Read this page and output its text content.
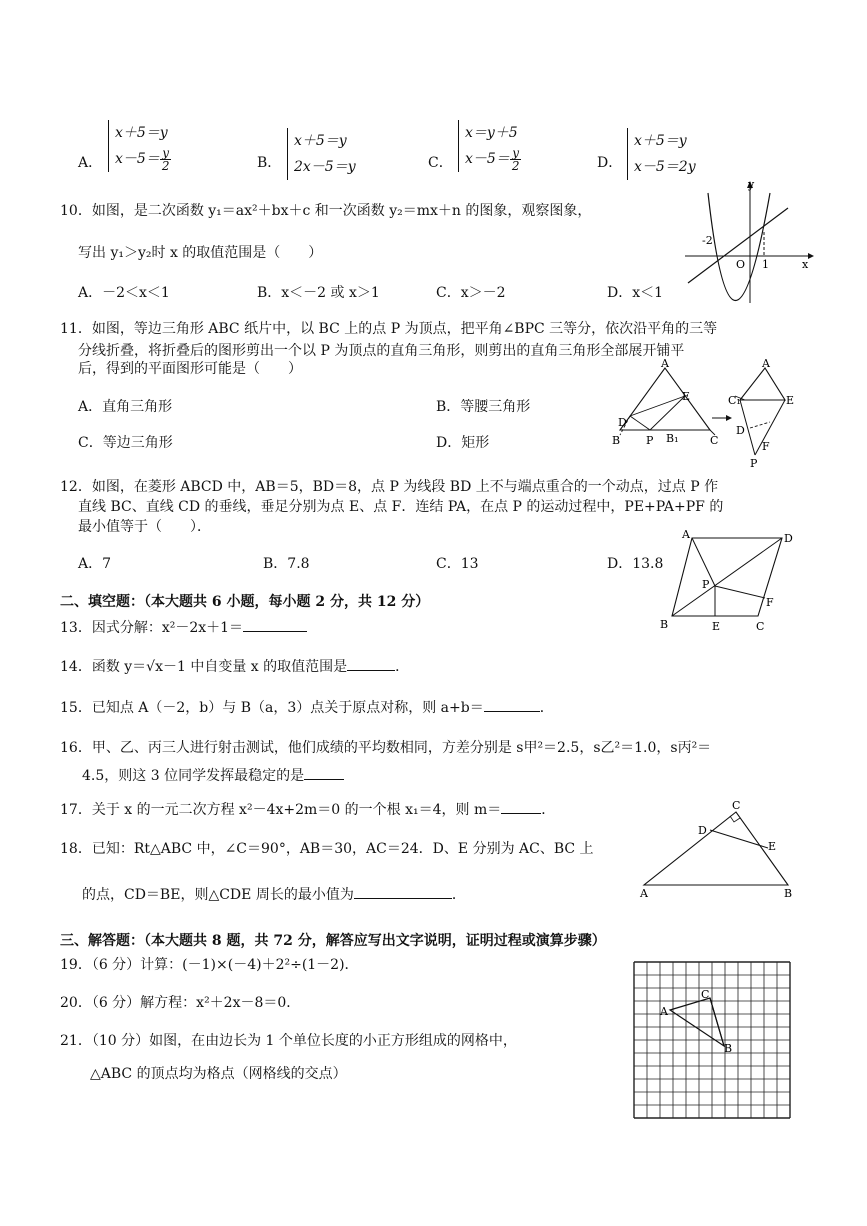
A．
x＋5＝y
$x-5= \frac{y}{2}$	B．
x＋5＝y
2x－5＝y	C．
x＝y＋5
$x-5= \frac{y}{2}$	D．
x＋5＝y
x－5＝2y
10．如图，是二次函数 y₁＝ax²＋bx＋c 和一次函数 y₂＝mx＋n 的图象，观察图象，
写出 y₁＞y₂时 x 的取值范围是（　　）
A．－2＜x＜1	B．x＜－2 或 x＞1	C．x＞－2	D．x＜1
y
x
-2
O 1
11．如图，等边三角形 ABC 纸片中，以 BC 上的点 P 为顶点，把平角∠BPC 三等分，依次沿平角的三等
分线折叠，将折叠后的图形剪出一个以 P 为顶点的直角三角形，则剪出的直角三角形全部展开铺平
后，得到的平面图形可能是（　　）
A．直角三角形	B．等腰三角形
C．等边三角形	D．矩形
A
E
D
B₁
B P	C
A
C₁	E
D
F
P
12．如图，在菱形 ABCD 中，AB＝5，BD＝8，点 P 为线段 BD 上不与端点重合的一个动点，过点 P 作
直线 BC、直线 CD 的垂线，垂足分别为点 E、点 F．连结 PA，在点 P 的运动过程中，PE+PA+PF 的
最小值等于（　　）．
A．7	B．7.8	C．13	D．13.8
A	D
P
F
B	E	C
二、填空题：（本大题共 6 小题，每小题 2 分，共 12 分）
13．因式分解：x²－2x＋1＝
14．函数 y＝√x－1 中自变量 x 的取值范围是	．
15．已知点 A（－2，b）与 B（a，3）点关于原点对称，则 a+b＝	．
16．甲、乙、丙三人进行射击测试，他们成绩的平均数相同，方差分别是 s甲²＝2.5，s乙²＝1.0，s丙²＝
4.5，则这 3 位同学发挥最稳定的是
17．关于 x 的一元二次方程 x²－4x+2m＝0 的一个根 x₁＝4，则 m＝	．
18．已知：Rt△ABC 中，∠C＝90°，AB＝30，AC＝24．D、E 分别为 AC、BC 上
的点，CD＝BE，则△CDE 周长的最小值为	．	A	B
C
D
E
三、解答题：（本大题共 8 题，共 72 分，解答应写出文字说明，证明过程或演算步骤）
19．（6 分）计算：(－1)×(－4)＋2²÷(1－2)．
20．（6 分）解方程：x²＋2x－8＝0．
21．（10 分）如图，在由边长为 1 个单位长度的小正方形组成的网格中，
△ABC 的顶点均为格点（网格线的交点）
A
C
B
